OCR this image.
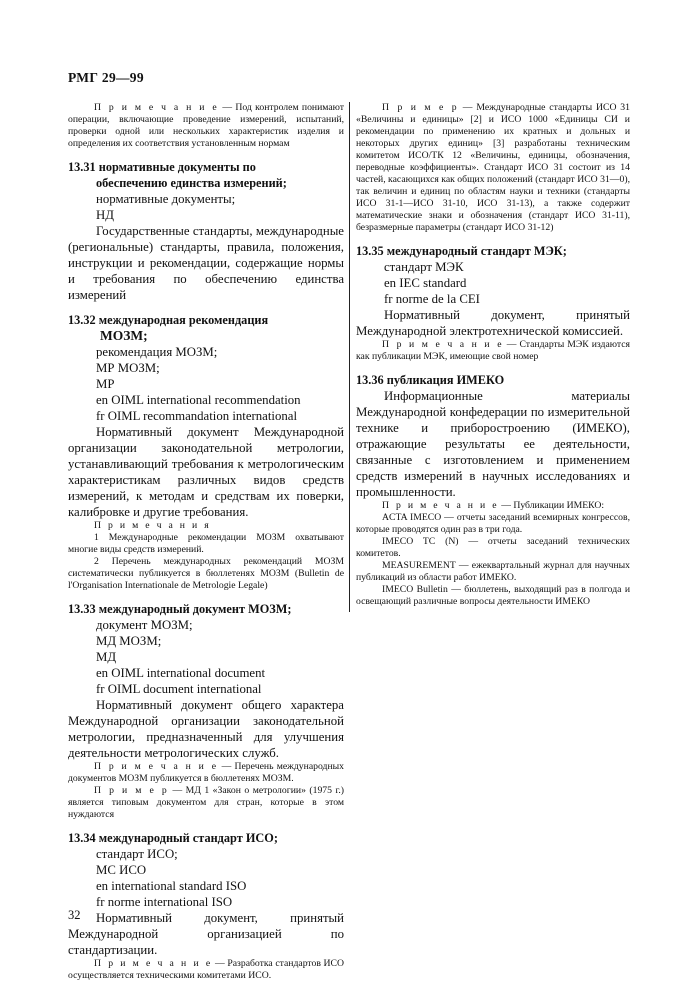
РМГ 29—99

П р и м е ч а н и е — Под контролем понимают операции, включающие проведение измерений, испытаний, проверки одной или нескольких характеристик изделия и определения их соответствия установленным нормам

13.31 нормативные документы по

обеспечению единства измерений;

нормативные документы;

НД

Государственные стандарты, международные (региональные) стандарты, правила, положения, инструкции и рекомендации, содержащие нормы и требования по обеспечению единства измерений

13.32 международная рекомендация

МОЗМ;

рекомендация МОЗМ;

МР МОЗМ;

МР

en OIML international recommendation

fr OIML recommandation international

Нормативный документ Международной организации законодательной метрологии, устанавливающий требования к метрологическим характеристикам различных видов средств измерений, к методам и средствам их поверки, калибровке и другие требования.

П р и м е ч а н и я

1 Международные рекомендации МОЗМ охватывают многие виды средств измерений.

2 Перечень международных рекомендаций МОЗМ систематически публикуется в бюллетенях МОЗМ (Bulletin de l'Organisation Internationale de Metrologie Legale)

13.33 международный документ МОЗМ;

документ МОЗМ;

МД МОЗМ;

МД

en OIML international document

fr OIML document international

Нормативный документ общего характера Международной организации законодательной метрологии, предназначенный для улучшения деятельности метрологических служб.

П р и м е ч а н и е — Перечень международных документов МОЗМ публикуется в бюллетенях МОЗМ.

П р и м е р — МД 1 «Закон о метрологии» (1975 г.) является типовым документом для стран, которые в этом нуждаются

13.34 международный стандарт ИСО;

стандарт ИСО;

МС ИСО

en international standard ISO

fr norme international ISO

Нормативный документ, принятый Международной организацией по стандартизации.

П р и м е ч а н и е — Разработка стандартов ИСО осуществляется техническими комитетами ИСО.

П р и м е р — Международные стандарты ИСО 31 «Величины и единицы» [2] и ИСО 1000 «Единицы СИ и рекомендации по применению их кратных и дольных и некоторых других единиц» [3] разработаны техническим комитетом ИСО/ТК 12 «Величины, единицы, обозначения, переводные коэффициенты». Стандарт ИСО 31 состоит из 14 частей, касающихся как общих положений (стандарт ИСО 31—0), так величин и единиц по областям науки и техники (стандарты ИСО 31-1—ИСО 31-10, ИСО 31-13), а также содержит математические знаки и обозначения (стандарт ИСО 31-11), безразмерные параметры (стандарт ИСО 31-12)

13.35 международный стандарт МЭК;

стандарт МЭК

en IEC standard

fr norme de la CEI

Нормативный документ, принятый Международной электротехнической комиссией.

П р и м е ч а н и е — Стандарты МЭК издаются как публикации МЭК, имеющие свой номер

13.36 публикация ИМЕКО

Информационные материалы Международной конфедерации по измерительной технике и приборостроению (ИМЕКО), отражающие результаты ее деятельности, связанные с изготовлением и применением средств измерений в научных исследованиях и промышленности.

П р и м е ч а н и е — Публикации ИМЕКО:

ACTA IMECO — отчеты заседаний всемирных конгрессов, которые проводятся один раз в три года.

IMECO TC (N) — отчеты заседаний технических комитетов.

MEASUREMENT — ежеквартальный журнал для научных публикаций из области работ ИМЕКО.

IMECO Bulletin — бюллетень, выходящий раз в полгода и освещающий различные вопросы деятельности ИМЕКО

32
